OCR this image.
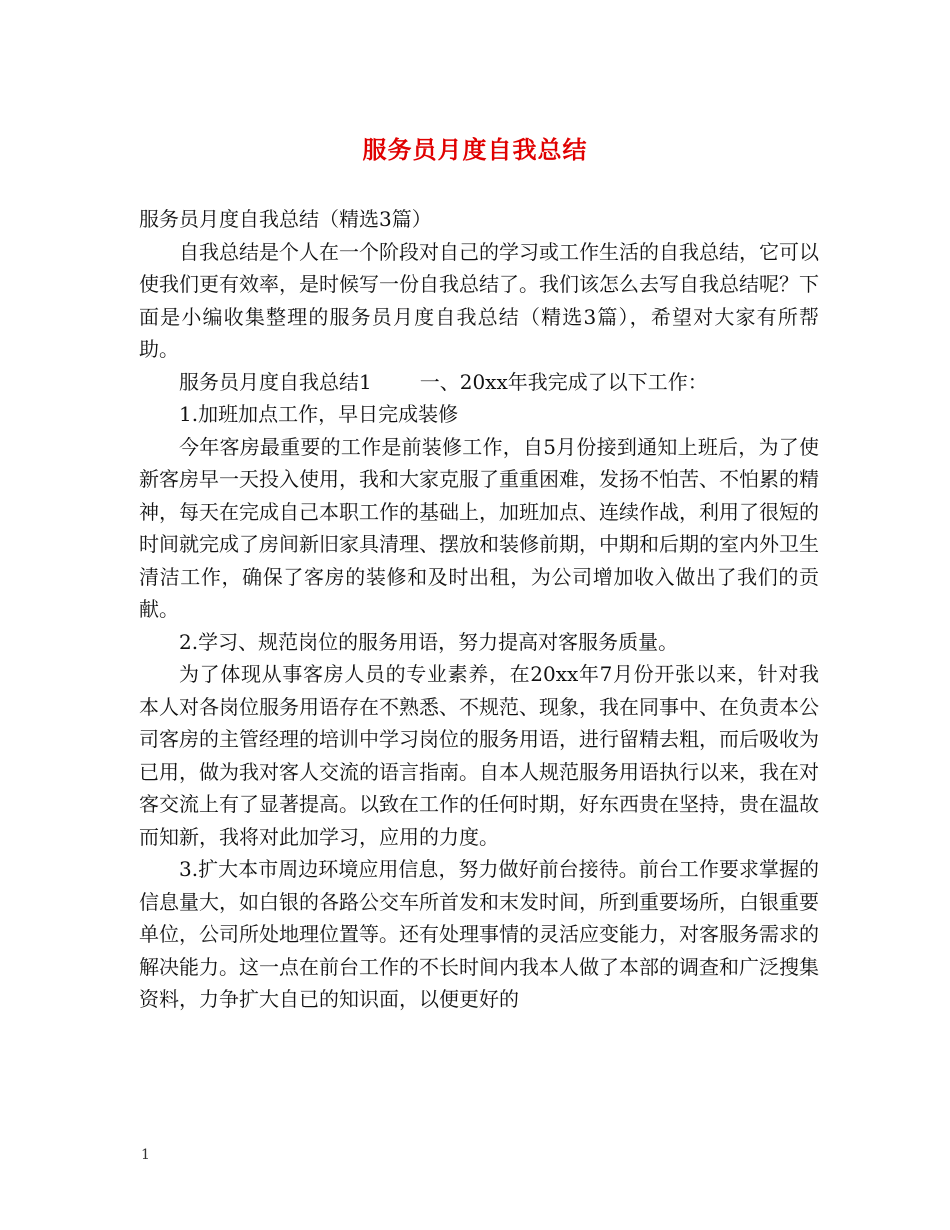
服务员月度自我总结

服务员月度自我总结（精选3篇）

自我总结是个人在一个阶段对自己的学习或工作生活的自我总结，它可以使我们更有效率，是时候写一份自我总结了。我们该怎么去写自我总结呢？下面是小编收集整理的服务员月度自我总结（精选3篇），希望对大家有所帮助。

服务员月度自我总结1 一、20xx年我完成了以下工作：

1.加班加点工作，早日完成装修

今年客房最重要的工作是前装修工作，自5月份接到通知上班后，为了使新客房早一天投入使用，我和大家克服了重重困难，发扬不怕苦、不怕累的精神，每天在完成自己本职工作的基础上，加班加点、连续作战，利用了很短的时间就完成了房间新旧家具清理、摆放和装修前期，中期和后期的室内外卫生清洁工作，确保了客房的装修和及时出租，为公司增加收入做出了我们的贡献。

2.学习、规范岗位的服务用语，努力提高对客服务质量。

为了体现从事客房人员的专业素养，在20xx年7月份开张以来，针对我本人对各岗位服务用语存在不熟悉、不规范、现象，我在同事中、在负责本公司客房的主管经理的培训中学习岗位的服务用语，进行留精去粗，而后吸收为已用，做为我对客人交流的语言指南。自本人规范服务用语执行以来，我在对客交流上有了显著提高。以致在工作的任何时期，好东西贵在坚持，贵在温故而知新，我将对此加学习，应用的力度。

3.扩大本市周边环境应用信息，努力做好前台接待。前台工作要求掌握的信息量大，如白银的各路公交车所首发和末发时间，所到重要场所，白银重要单位，公司所处地理位置等。还有处理事情的灵活应变能力，对客服务需求的解决能力。这一点在前台工作的不长时间内我本人做了本部的调查和广泛搜集资料，力争扩大自已的知识面，以便更好的

1
